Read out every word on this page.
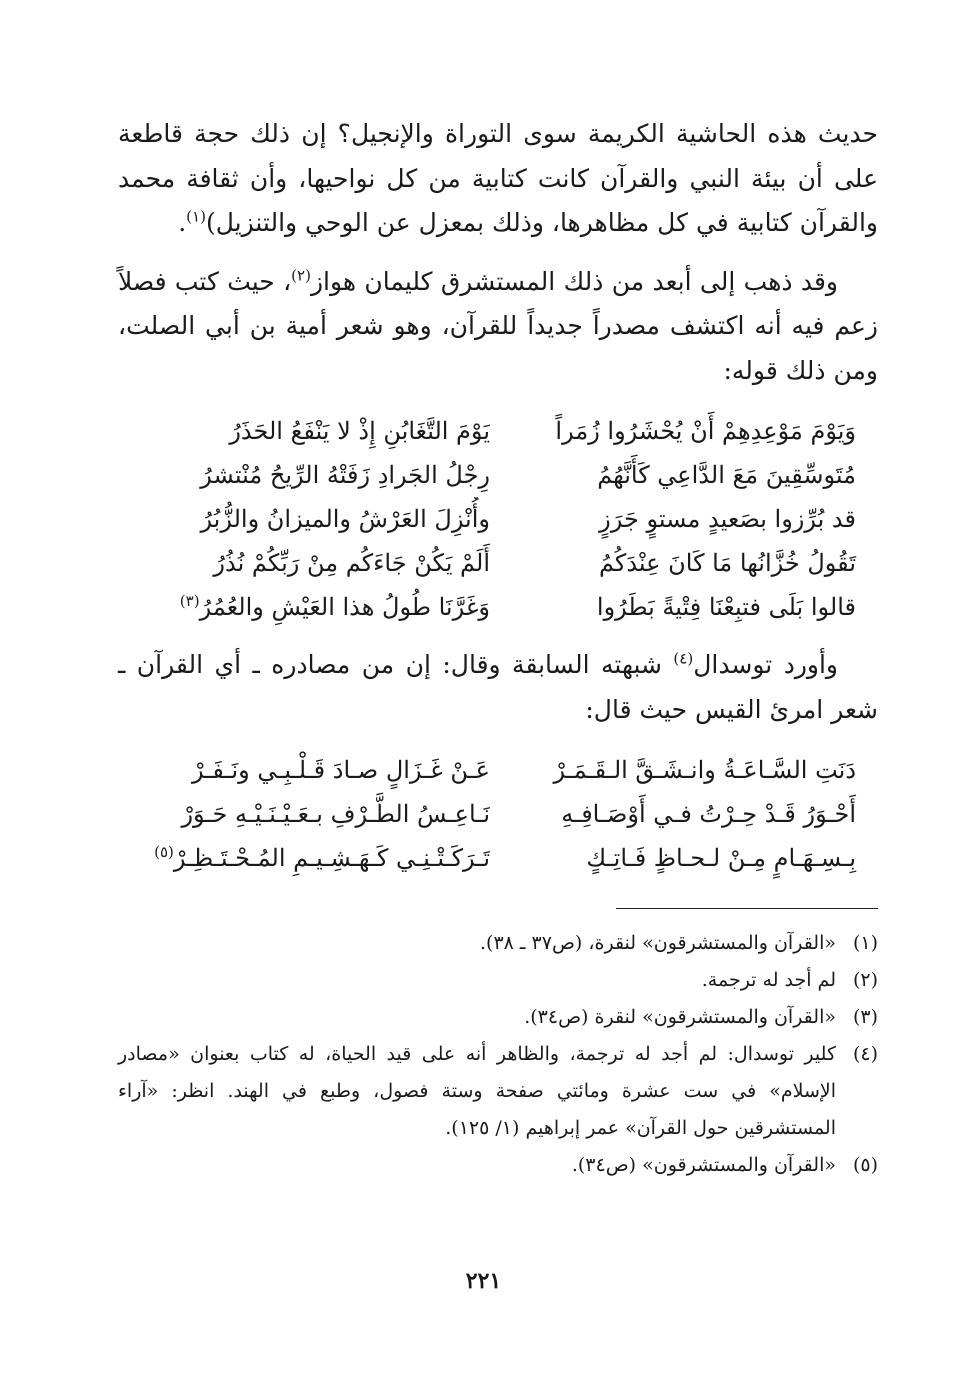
حديث هذه الحاشية الكريمة سوى التوراة والإنجيل؟ إن ذلك حجة قاطعة على أن بيئة النبي والقرآن كانت كتابية من كل نواحيها، وأن ثقافة محمد والقرآن كتابية في كل مظاهرها، وذلك بمعزل عن الوحي والتنزيل)$^{(١)}$.

وقد ذهب إلى أبعد من ذلك المستشرق كليمان هواز$^{(٢)}$، حيث كتب فصلاً زعم فيه أنه اكتشف مصدراً جديداً للقرآن، وهو شعر أمية بن أبي الصلت، ومن ذلك قوله:

وَيَوْمَ مَوْعِدِهِمْ أَنْ يُحْشَرُوا زُمَراً
يَوْمَ التَّغَابُنِ إِذْ لا يَنْفَعُ الحَذَرُ
مُتَوسِّقِينَ مَعَ الدَّاعِي كَأَنَّهُمُ
رِجْلُ الجَرادِ زَفَتْهُ الرِّيحُ مُنْتشرُ
قد بُرِّزوا بصَعيدٍ مستوٍ جَرَزٍ
وأُنْزِلَ العَرْشُ والميزانُ والزُّبُرُ
تَقُولُ خُزَّانُها مَا كَانَ عِنْدَكُمُ
أَلَمْ يَكُنْ جَاءَكُم مِنْ رَبِّكُمْ نُذُرُ
قالوا بَلَى فتبِعْنَا فِتْيةً بَطَرُوا
وَغَرَّنَا طُولُ هذا العَيْشِ والعُمُرُ$^{(٣)}$

وأورد توسدال$^{(٤)}$ شبهته السابقة وقال: إن من مصادره ـ أي القرآن ـ شعر امرئ القيس حيث قال:

دَنَتِ السَّـاعَـةُ وانـشَـقَّ الـقَـمَـرْ
عَـنْ غَـزَالٍ صـادَ قَـلْـبِـي ونَـفَـرْ
أَحْـوَرُ قَـدْ حِـرْتُ فـي أَوْصَـافِـهِ
نَـاعِـسُ الطَّـرْفِ بـعَـيْـنَـيْـهِ حَـوَرْ
بِـسِـهَـامٍ مِـنْ لـحـاظٍ فَـاتِـكٍ
تَـرَكَـتْـنِـي كَـهَـشِـيـمِ المُـحْـتَـظِـرْ$^{(٥)}$
(١)
«القرآن والمستشرقون» لنقرة، (ص٣٧ ـ ٣٨).
(٢)
لم أجد له ترجمة.
(٣)
«القرآن والمستشرقون» لنقرة (ص٣٤).
(٤)
كلير توسدال: لم أجد له ترجمة، والظاهر أنه على قيد الحياة، له كتاب بعنوان «مصادر الإسلام» في ست عشرة ومائتي صفحة وستة فصول، وطبع في الهند. انظر: «آراء المستشرقين حول القرآن» عمر إبراهيم (١/ ١٢٥).
(٥)
«القرآن والمستشرقون» (ص٣٤).
٢٢١
